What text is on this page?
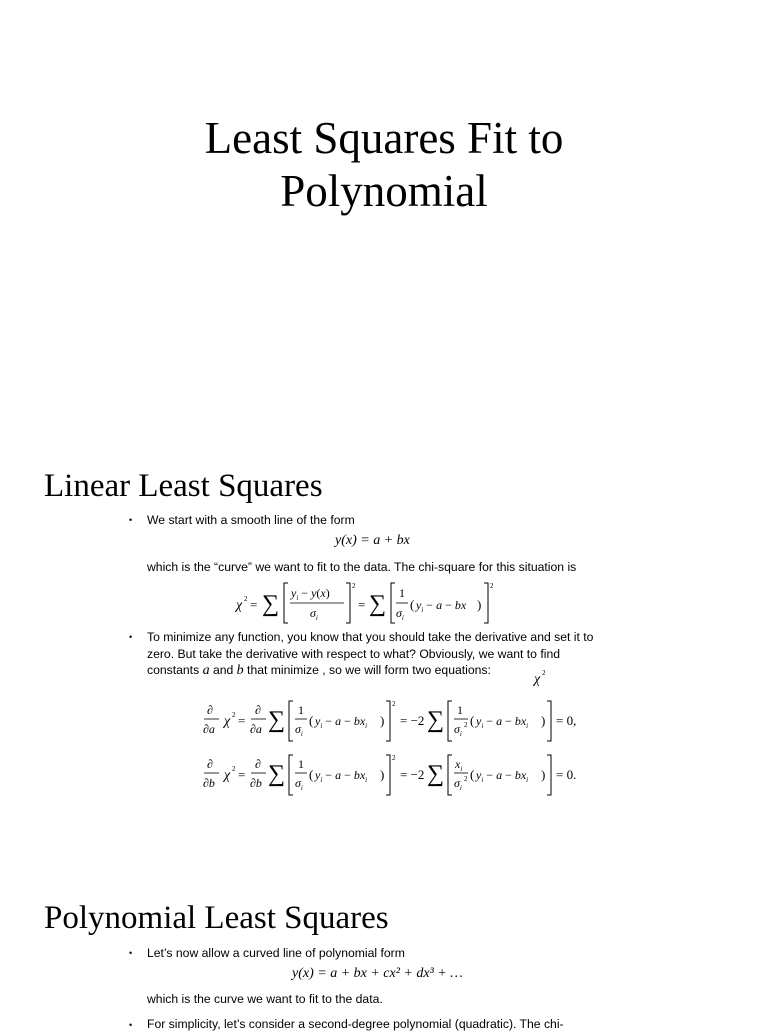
Least Squares Fit to
Polynomial
Linear Least Squares
• We start with a smooth line of the form
y(x) = a + bx
which is the “curve” we want to fit to the data. The chi-square for this situation is
χ 2 = ∑ $y_i - y(x)$
$\sigma_i$
2
= ∑ 1
$\sigma_i$
( $y_i - a$ − bx )
2
• To minimize any function, you know that you should take the derivative and set it to
zero. But take the derivative with respect to what? Obviously, we want to find
constants a and b that minimize , so we will form two equations:
χ 2
∂
∂a χ 2 =
∂
∂a ∑ 1
$\sigma_i$
( $y_i - a - bx_i$ )
2
= −2 ∑ 1
$\sigma_i$
2 ( $y_i - a - bx_i$ ) = 0,
∂
∂b χ 2 =
∂
∂b ∑ 1
$\sigma_i$
( $y_i - a - bx_i$ )
2
= −2 ∑ $x_i$
$\sigma_i$
2 ( $y_i - a - bx_i$ ) = 0.
Polynomial Least Squares
• Let’s now allow a curved line of polynomial form
y(x) = a + bx + cx² + dx³ + …
which is the curve we want to fit to the data.
• For simplicity, let’s consider a second-degree polynomial (quadratic). The chi-
